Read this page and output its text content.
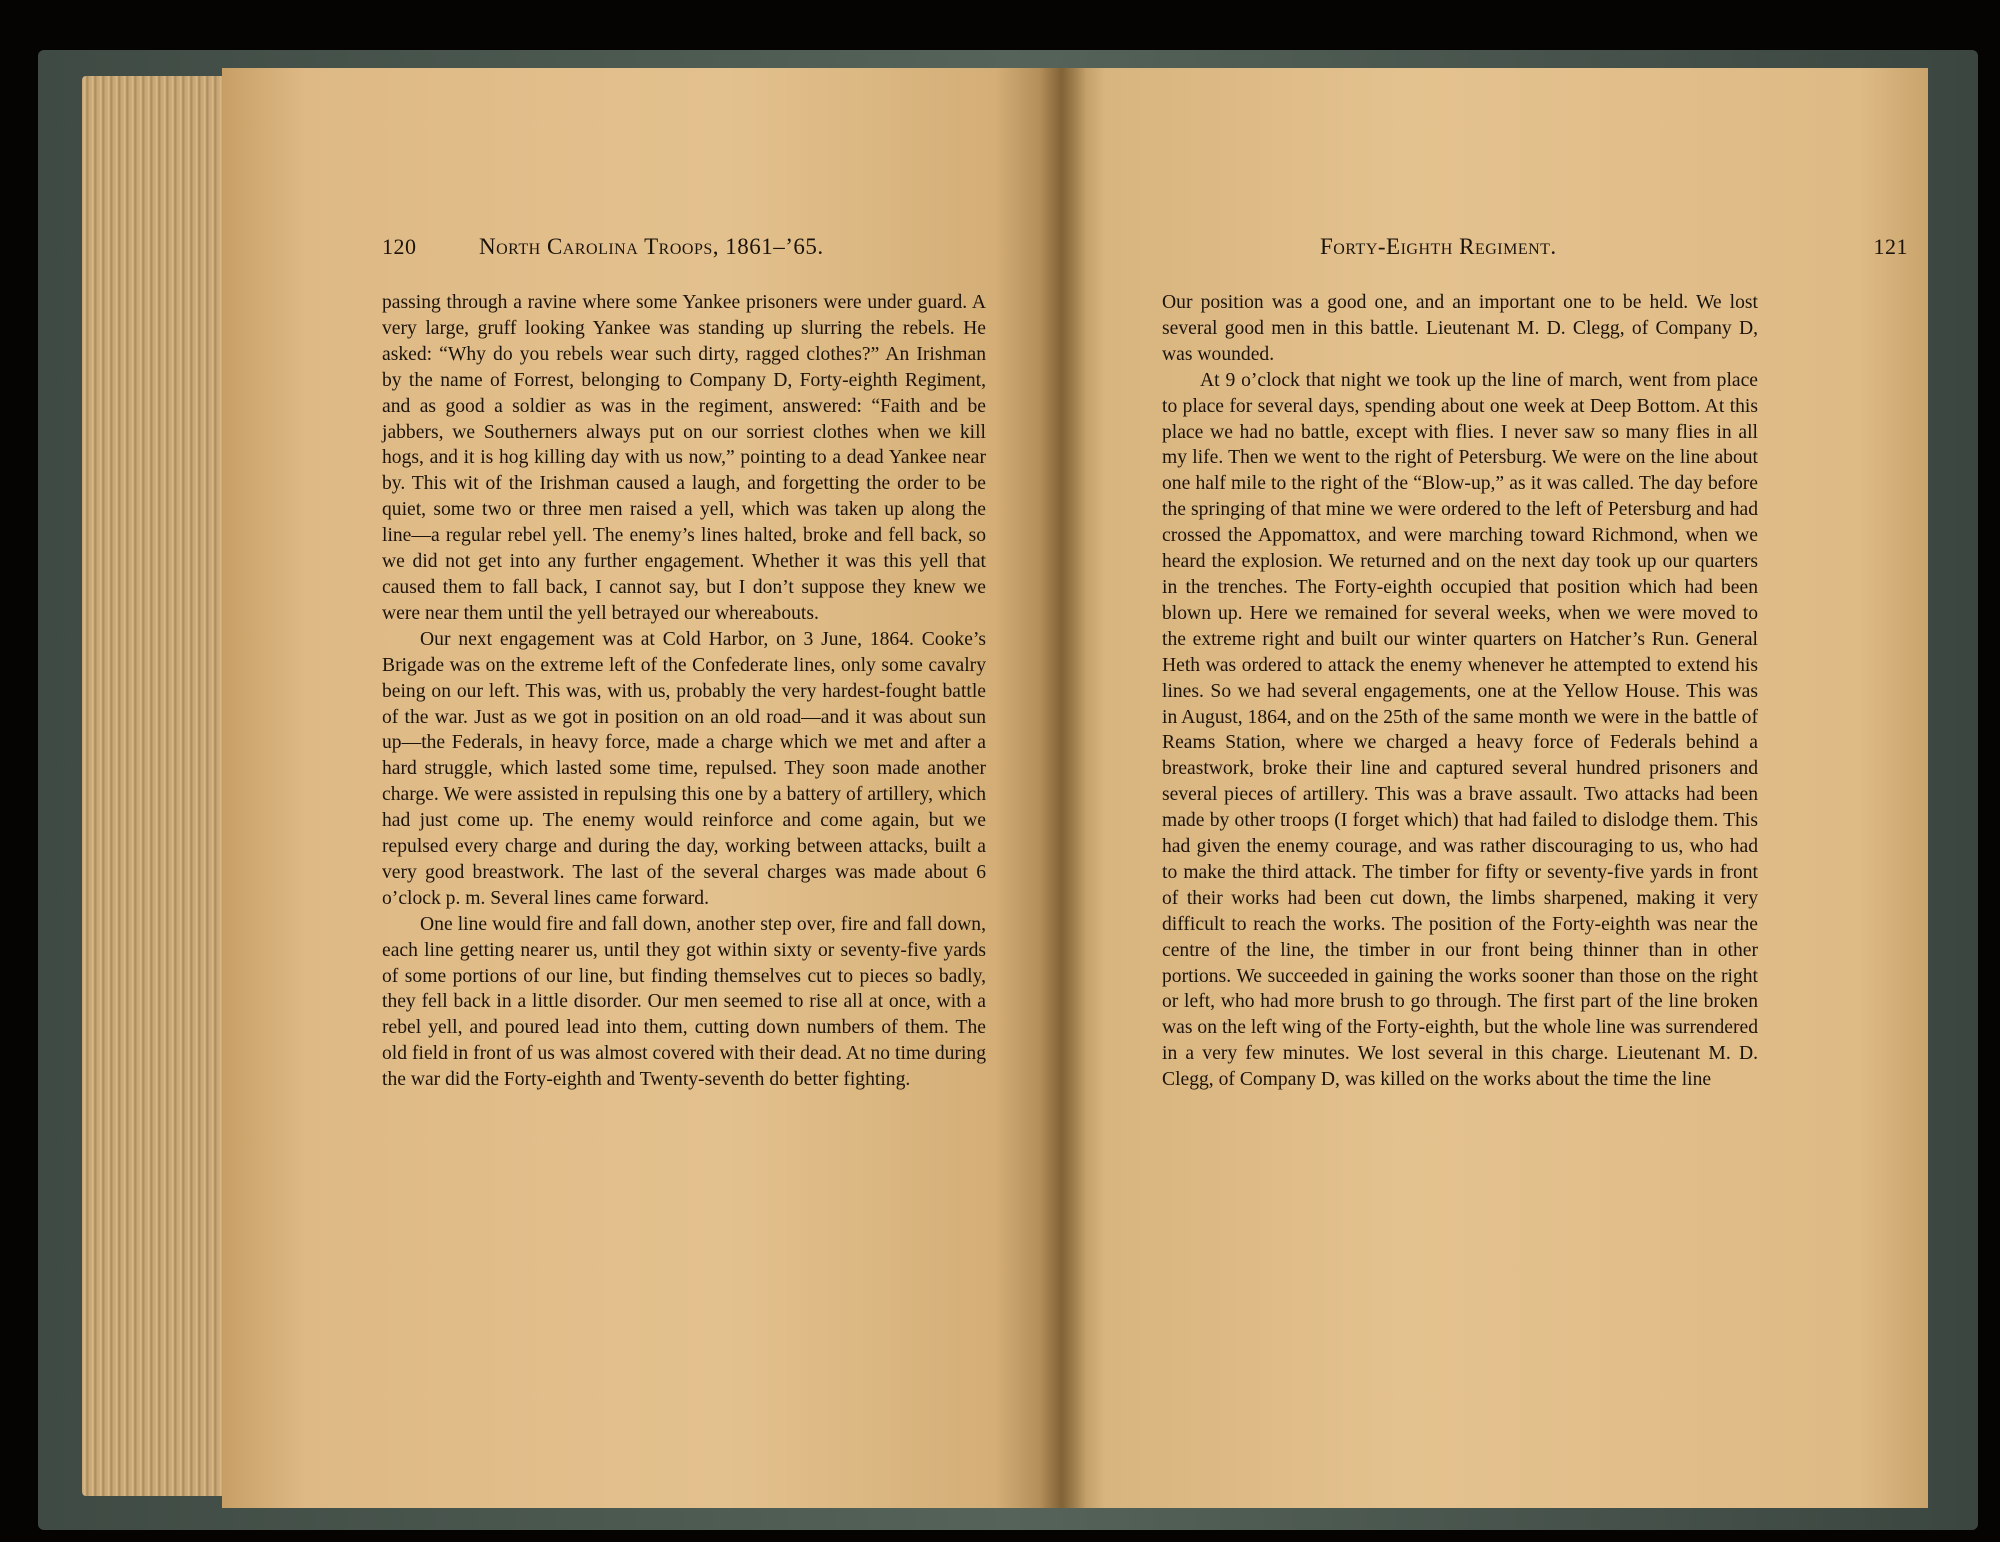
120	North Carolina Troops, 1861–’65.

passing through a ravine where some Yankee prisoners were under guard. A very large, gruff looking Yankee was standing up slurring the rebels. He asked: “Why do you rebels wear such dirty, ragged clothes?” An Irishman by the name of Forrest, belonging to Company D, Forty-eighth Regiment, and as good a soldier as was in the regiment, answered: “Faith and be jabbers, we Southerners always put on our sorriest clothes when we kill hogs, and it is hog killing day with us now,” pointing to a dead Yankee near by. This wit of the Irishman caused a laugh, and forgetting the order to be quiet, some two or three men raised a yell, which was taken up along the line—a regular rebel yell. The enemy’s lines halted, broke and fell back, so we did not get into any further engagement. Whether it was this yell that caused them to fall back, I cannot say, but I don’t suppose they knew we were near them until the yell betrayed our whereabouts.

Our next engagement was at Cold Harbor, on 3 June, 1864. Cooke’s Brigade was on the extreme left of the Confederate lines, only some cavalry being on our left. This was, with us, probably the very hardest-fought battle of the war. Just as we got in position on an old road—and it was about sun up—the Federals, in heavy force, made a charge which we met and after a hard struggle, which lasted some time, repulsed. They soon made another charge. We were assisted in repulsing this one by a battery of artillery, which had just come up. The enemy would reinforce and come again, but we repulsed every charge and during the day, working between attacks, built a very good breastwork. The last of the several charges was made about 6 o’clock p. m. Several lines came forward.

One line would fire and fall down, another step over, fire and fall down, each line getting nearer us, until they got within sixty or seventy-five yards of some portions of our line, but finding themselves cut to pieces so badly, they fell back in a little disorder. Our men seemed to rise all at once, with a rebel yell, and poured lead into them, cutting down numbers of them. The old field in front of us was almost covered with their dead. At no time during the war did the Forty-eighth and Twenty-seventh do better fighting.

Forty-Eighth Regiment.	121

Our position was a good one, and an important one to be held. We lost several good men in this battle. Lieutenant M. D. Clegg, of Company D, was wounded.

At 9 o’clock that night we took up the line of march, went from place to place for several days, spending about one week at Deep Bottom. At this place we had no battle, except with flies. I never saw so many flies in all my life. Then we went to the right of Petersburg. We were on the line about one half mile to the right of the “Blow-up,” as it was called. The day before the springing of that mine we were ordered to the left of Petersburg and had crossed the Appomattox, and were marching toward Richmond, when we heard the explosion. We returned and on the next day took up our quarters in the trenches. The Forty-eighth occupied that position which had been blown up. Here we remained for several weeks, when we were moved to the extreme right and built our winter quarters on Hatcher’s Run. General Heth was ordered to attack the enemy whenever he attempted to extend his lines. So we had several engagements, one at the Yellow House. This was in August, 1864, and on the 25th of the same month we were in the battle of Reams Station, where we charged a heavy force of Federals behind a breastwork, broke their line and captured several hundred prisoners and several pieces of artillery. This was a brave assault. Two attacks had been made by other troops (I forget which) that had failed to dislodge them. This had given the enemy courage, and was rather discouraging to us, who had to make the third attack. The timber for fifty or seventy-five yards in front of their works had been cut down, the limbs sharpened, making it very difficult to reach the works. The position of the Forty-eighth was near the centre of the line, the timber in our front being thinner than in other portions. We succeeded in gaining the works sooner than those on the right or left, who had more brush to go through. The first part of the line broken was on the left wing of the Forty-eighth, but the whole line was surrendered in a very few minutes. We lost several in this charge. Lieutenant M. D. Clegg, of Company D, was killed on the works about the time the line
